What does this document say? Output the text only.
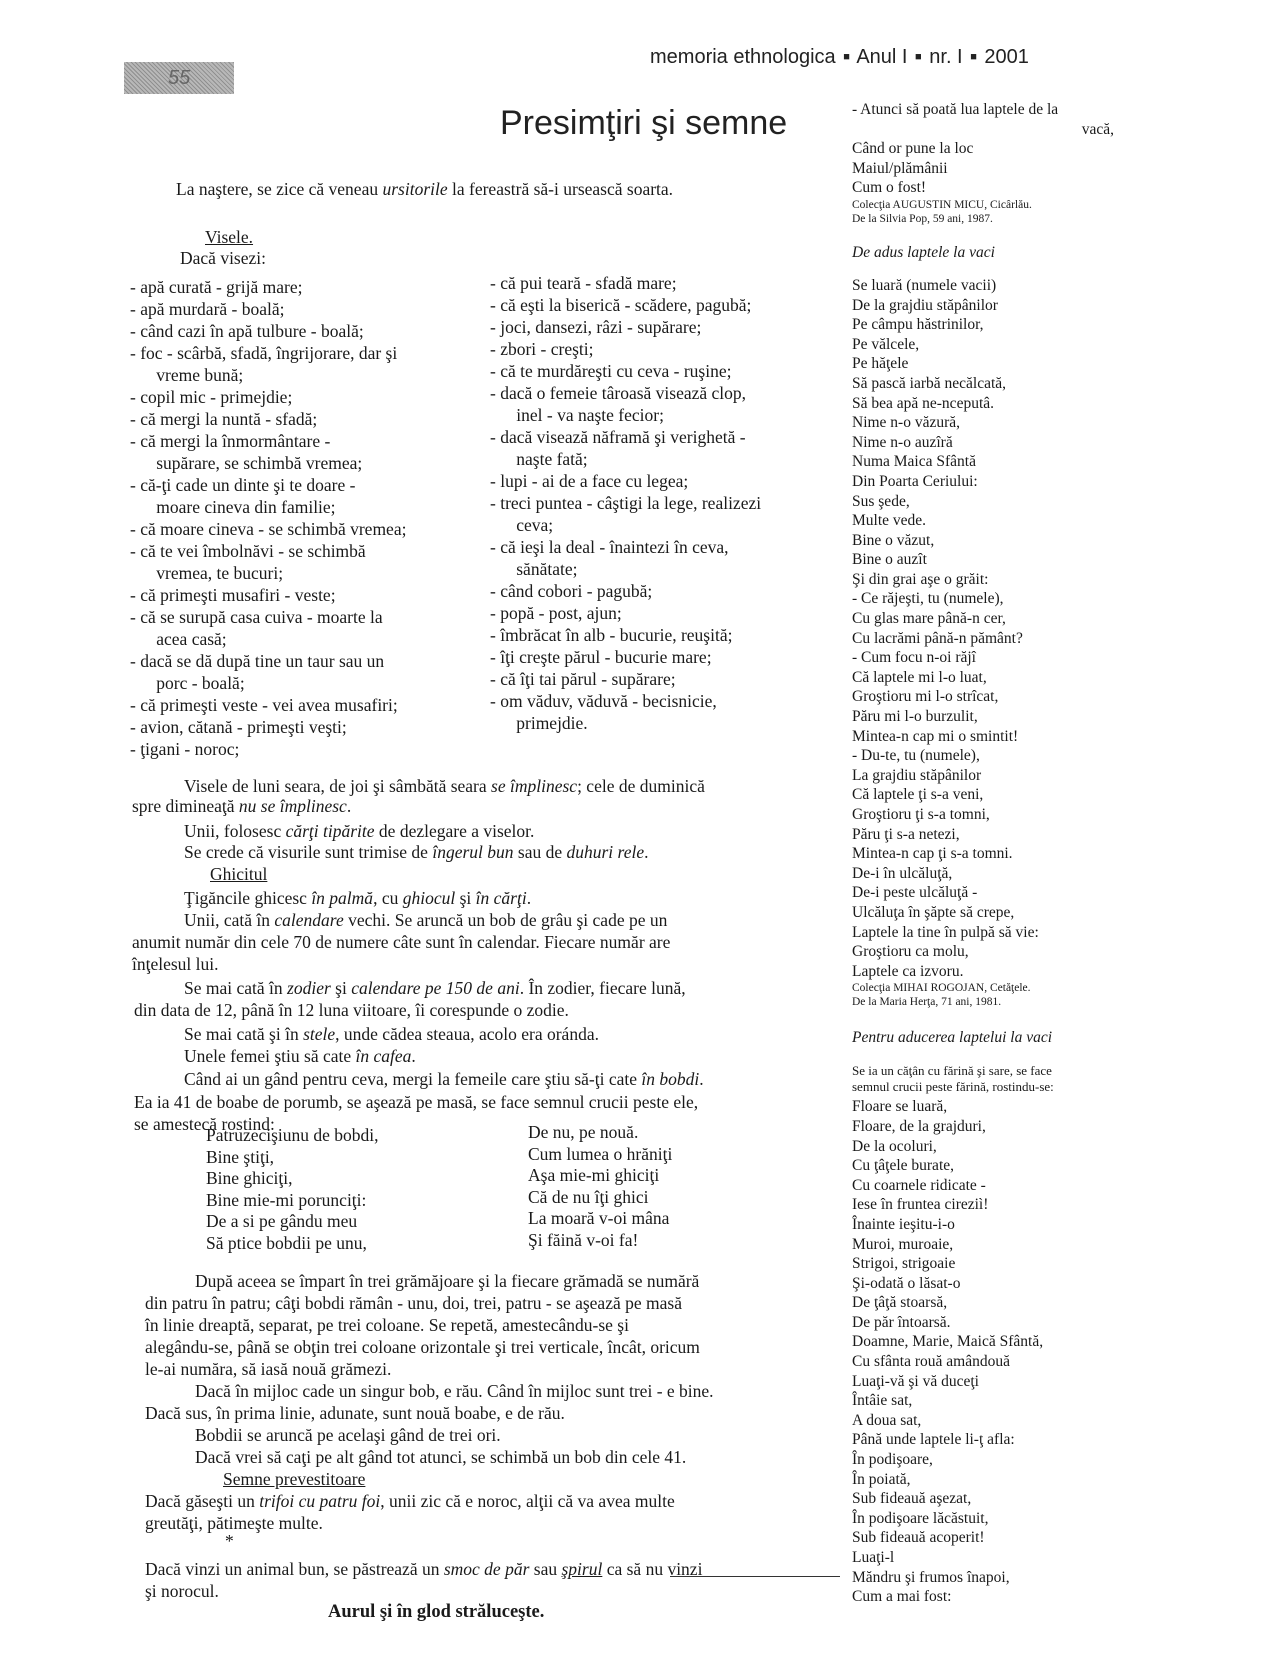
55
memoria ethnologica ■ Anul I ■ nr. I ■ 2001
Presimţiri şi semne
La naştere, se zice că veneau ursitorile la fereastră să-i ursească soarta.
Visele.
Dacă visezi:
- apă curată - grijă mare;
- apă murdară - boală;
- când cazi în apă tulbure - boală;
- foc - scârbă, sfadă, îngrijorare, dar şi
vreme bună;
- copil mic - primejdie;
- că mergi la nuntă - sfadă;
- că mergi la înmormântare -
supărare, se schimbă vremea;
- că-ţi cade un dinte şi te doare -
moare cineva din familie;
- că moare cineva - se schimbă vremea;
- că te vei îmbolnăvi - se schimbă
vremea, te bucuri;
- că primeşti musafiri - veste;
- că se surupă casa cuiva - moarte la
acea casă;
- dacă se dă după tine un taur sau un
porc - boală;
- că primeşti veste - vei avea musafiri;
- avion, cătană - primeşti veşti;
- ţigani - noroc;
- că pui teară - sfadă mare;
- că eşti la biserică - scădere, pagubă;
- joci, dansezi, râzi - supărare;
- zbori - creşti;
- că te murdăreşti cu ceva - ruşine;
- dacă o femeie târoasă visează clop,
inel - va naşte fecior;
- dacă visează năframă şi verighetă -
naşte fată;
- lupi - ai de a face cu legea;
- treci puntea - câştigi la lege, realizezi
ceva;
- că ieşi la deal - înaintezi în ceva,
sănătate;
- când cobori - pagubă;
- popă - post, ajun;
- îmbrăcat în alb - bucurie, reuşită;
- îţi creşte părul - bucurie mare;
- că îţi tai părul - supărare;
- om văduv, văduvă - becisnicie,
primejdie.
Visele de luni seara, de joi şi sâmbătă seara se împlinesc; cele de duminică
spre dimineaţă nu se împlinesc.
Unii, folosesc cărţi tipărite de dezlegare a viselor.
Se crede că visurile sunt trimise de îngerul bun sau de duhuri rele.
Ghicitul
Ţigăncile ghicesc în palmă, cu ghiocul şi în cărţi.
Unii, cată în calendare vechi. Se aruncă un bob de grâu şi cade pe un
anumit număr din cele 70 de numere câte sunt în calendar. Fiecare număr are
înţelesul lui.
Se mai cată în zodier şi calendare pe 150 de ani. În zodier, fiecare lună,
din data de 12, până în 12 luna viitoare, îi corespunde o zodie.
Se mai cată şi în stele, unde cădea steaua, acolo era oránda.
Unele femei ştiu să cate în cafea.
Când ai un gând pentru ceva, mergi la femeile care ştiu să-ţi cate în bobdi.
Ea ia 41 de boabe de porumb, se aşează pe masă, se face semnul crucii peste ele,
se amestecă rostind:
Patruzecişiunu de bobdi,
Bine ştiţi,
Bine ghiciţi,
Bine mie-mi porunciţi:
De a si pe gându meu
Să ptice bobdii pe unu,
De nu, pe nouă.
Cum lumea o hrăniţi
Aşa mie-mi ghiciţi
Că de nu îţi ghici
La moară v-oi mâna
Şi făină v-oi fa!
După aceea se împart în trei grămăjoare şi la fiecare grămadă se numără
din patru în patru; câţi bobdi rămân - unu, doi, trei, patru - se aşează pe masă
în linie dreaptă, separat, pe trei coloane. Se repetă, amestecându-se şi
alegându-se, până se obţin trei coloane orizontale şi trei verticale, încât, oricum
le-ai număra, să iasă nouă grămezi.
Dacă în mijloc cade un singur bob, e rău. Când în mijloc sunt trei - e bine.
Dacă sus, în prima linie, adunate, sunt nouă boabe, e de rău.
Bobdii se aruncă pe acelaşi gând de trei ori.
Dacă vrei să caţi pe alt gând tot atunci, se schimbă un bob din cele 41.
Semne prevestitoare
Dacă găseşti un trifoi cu patru foi, unii zic că e noroc, alţii că va avea multe
greutăţi, pătimeşte multe.
*
Dacă vinzi un animal bun, se păstrează un smoc de păr sau şpirul ca să nu vinzi
şi norocul.
Aurul şi în glod străluceşte.
- Atunci să poată lua laptele de la
vacă,
Când or pune la loc
Maiul/plămânii
Cum o fost!
Colecţia AUGUSTIN MICU, Cicârlău.
De la Silvia Pop, 59 ani, 1987.
De adus laptele la vaci
Se luară (numele vacii)
De la grajdiu stăpânilor
Pe câmpu hăstrinilor,
Pe vălcele,
Pe hăţele
Să pască iarbă necălcată,
Să bea apă ne-nceputâ.
Nime n-o văzură,
Nime n-o auzîră
Numa Maica Sfântă
Din Poarta Ceriului:
Sus şede,
Multe vede.
Bine o văzut,
Bine o auzît
Şi din grai aşe o grăit:
- Ce răjeşti, tu (numele),
Cu glas mare până-n cer,
Cu lacrămi până-n pământ?
- Cum focu n-oi răjî
Că laptele mi l-o luat,
Groştioru mi l-o strîcat,
Păru mi l-o burzulit,
Mintea-n cap mi o smintit!
- Du-te, tu (numele),
La grajdiu stăpânilor
Că laptele ţi s-a veni,
Groştioru ţi s-a tomni,
Păru ţi s-a netezi,
Mintea-n cap ţi s-a tomni.
De-i în ulcăluţă,
De-i peste ulcăluţă -
Ulcăluţa în şăpte să crepe,
Laptele la tine în pulpă să vie:
Groştioru ca molu,
Laptele ca izvoru.
Colecţia MIHAI ROGOJAN, Cetăţele.
De la Maria Herţa, 71 ani, 1981.
Pentru aducerea laptelui la vaci
Se ia un căţân cu fărină şi sare, se face
semnul crucii peste fărină, rostindu-se:
Floare se luară,
Floare, de la grajduri,
De la ocoluri,
Cu ţâţele burate,
Cu coarnele ridicate -
Iese în fruntea cireziì!
Înainte ieşitu-i-o
Muroi, muroaie,
Strigoi, strigoaie
Şi-odată o lăsat-o
De ţâţă stoarsă,
De păr întoarsă.
Doamne, Marie, Maică Sfântă,
Cu sfânta rouă amândouă
Luaţi-vă şi vă duceţi
Întâie sat,
A doua sat,
Până unde laptele li-ţ afla:
În podişoare,
În poiată,
Sub fideauă aşezat,
În podişoare lăcăstuit,
Sub fideauă acoperit!
Luaţi-l
Măndru şi frumos înapoi,
Cum a mai fost:
